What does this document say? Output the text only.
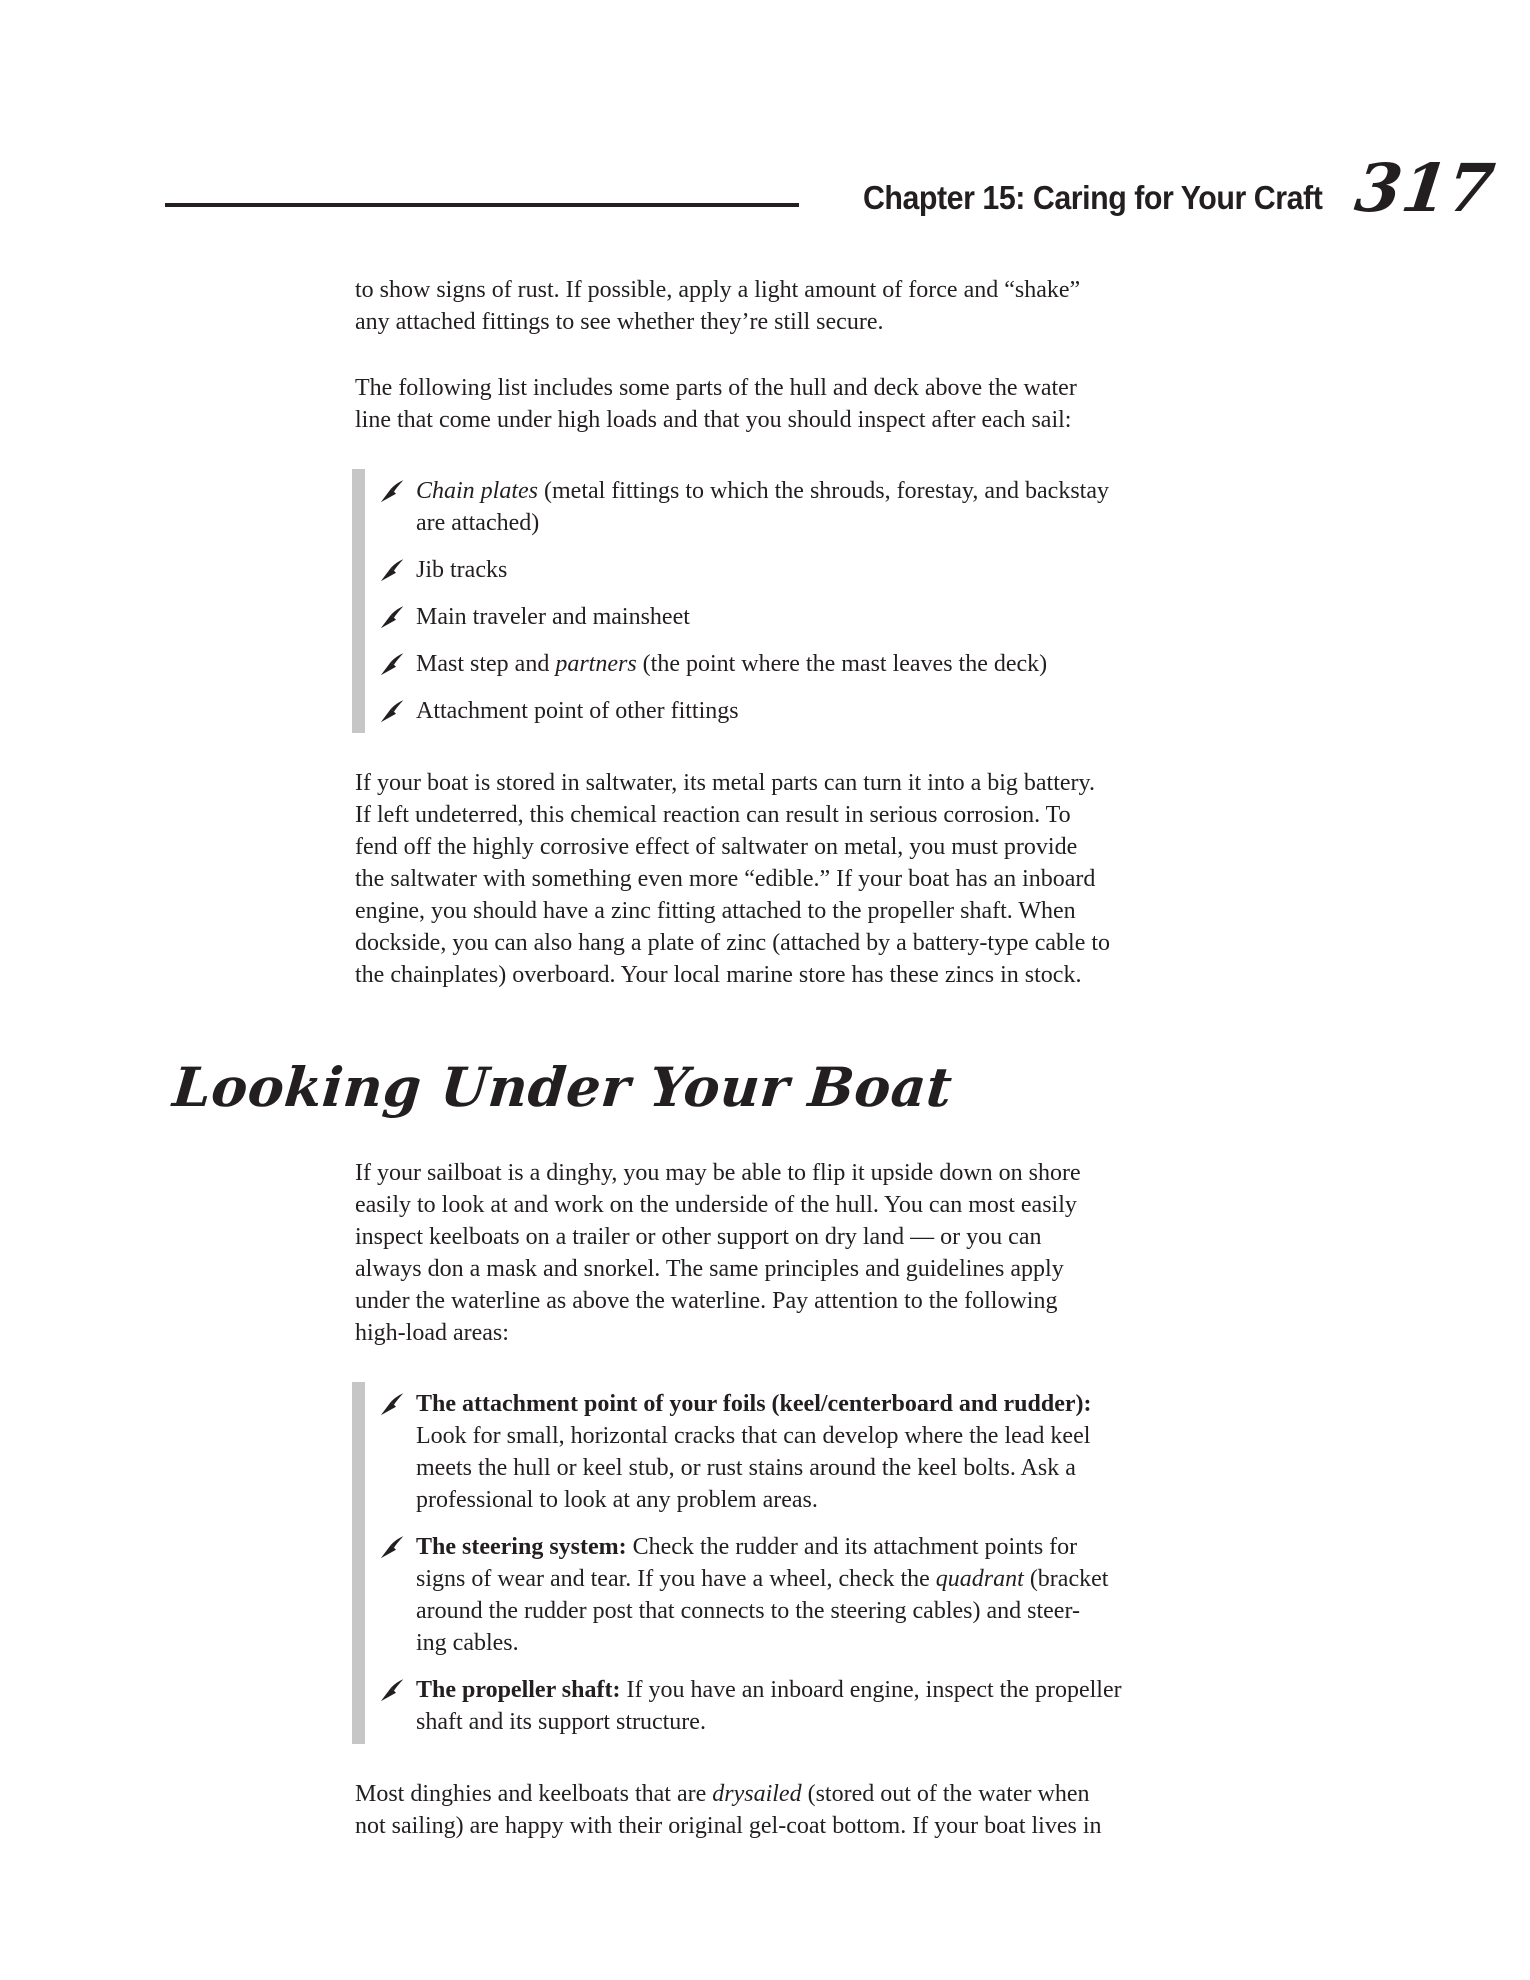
Chapter 15: Caring for Your Craft 317
to show signs of rust. If possible, apply a light amount of force and “shake”
any attached fittings to see whether they’re still secure.
The following list includes some parts of the hull and deck above the water
line that come under high loads and that you should inspect after each sail:
Chain plates (metal fittings to which the shrouds, forestay, and backstay
are attached)
Jib tracks
Main traveler and mainsheet
Mast step and partners (the point where the mast leaves the deck)
Attachment point of other fittings
If your boat is stored in saltwater, its metal parts can turn it into a big battery.
If left undeterred, this chemical reaction can result in serious corrosion. To
fend off the highly corrosive effect of saltwater on metal, you must provide
the saltwater with something even more “edible.” If your boat has an inboard
engine, you should have a zinc fitting attached to the propeller shaft. When
dockside, you can also hang a plate of zinc (attached by a battery-type cable to
the chainplates) overboard. Your local marine store has these zincs in stock.
Looking Under Your Boat
If your sailboat is a dinghy, you may be able to flip it upside down on shore
easily to look at and work on the underside of the hull. You can most easily
inspect keelboats on a trailer or other support on dry land — or you can
always don a mask and snorkel. The same principles and guidelines apply
under the waterline as above the waterline. Pay attention to the following
high-load areas:
The attachment point of your foils (keel/centerboard and rudder):
Look for small, horizontal cracks that can develop where the lead keel
meets the hull or keel stub, or rust stains around the keel bolts. Ask a
professional to look at any problem areas.
The steering system: Check the rudder and its attachment points for
signs of wear and tear. If you have a wheel, check the quadrant (bracket
around the rudder post that connects to the steering cables) and steer-
ing cables.
The propeller shaft: If you have an inboard engine, inspect the propeller
shaft and its support structure.
Most dinghies and keelboats that are drysailed (stored out of the water when
not sailing) are happy with their original gel-coat bottom. If your boat lives in
